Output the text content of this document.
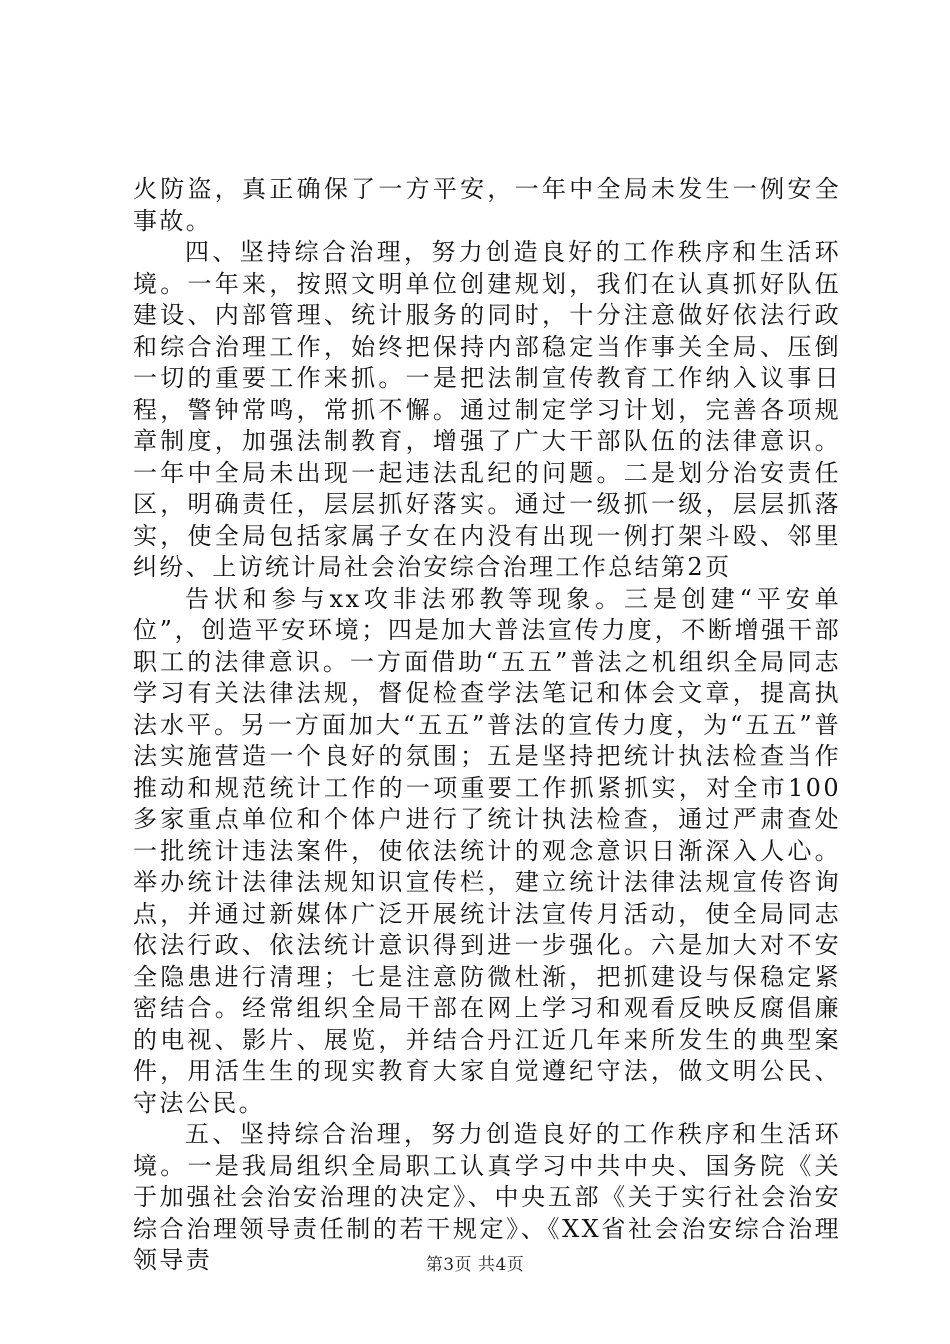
火防盗，真正确保了一方平安，一年中全局未发生一例安全事故。

四、坚持综合治理，努力创造良好的工作秩序和生活环境。一年来，按照文明单位创建规划，我们在认真抓好队伍建设、内部管理、统计服务的同时，十分注意做好依法行政和综合治理工作，始终把保持内部稳定当作事关全局、压倒一切的重要工作来抓。一是把法制宣传教育工作纳入议事日程，警钟常鸣，常抓不懈。通过制定学习计划，完善各项规章制度，加强法制教育，增强了广大干部队伍的法律意识。一年中全局未出现一起违法乱纪的问题。二是划分治安责任区，明确责任，层层抓好落实。通过一级抓一级，层层抓落实，使全局包括家属子女在内没有出现一例打架斗殴、邻里纠纷、上访统计局社会治安综合治理工作总结第2页

告状和参与xx攻非法邪教等现象。三是创建“平安单位”，创造平安环境；四是加大普法宣传力度，不断增强干部职工的法律意识。一方面借助“五五”普法之机组织全局同志学习有关法律法规，督促检查学法笔记和体会文章，提高执法水平。另一方面加大“五五”普法的宣传力度，为“五五”普法实施营造一个良好的氛围；五是坚持把统计执法检查当作推动和规范统计工作的一项重要工作抓紧抓实，对全市100多家重点单位和个体户进行了统计执法检查，通过严肃查处一批统计违法案件，使依法统计的观念意识日渐深入人心。举办统计法律法规知识宣传栏，建立统计法律法规宣传咨询点，并通过新媒体广泛开展统计法宣传月活动，使全局同志依法行政、依法统计意识得到进一步强化。六是加大对不安全隐患进行清理；七是注意防微杜渐，把抓建设与保稳定紧密结合。经常组织全局干部在网上学习和观看反映反腐倡廉的电视、影片、展览，并结合丹江近几年来所发生的典型案件，用活生生的现实教育大家自觉遵纪守法，做文明公民、守法公民。

五、坚持综合治理，努力创造良好的工作秩序和生活环境。一是我局组织全局职工认真学习中共中央、国务院《关于加强社会治安治理的决定》、中央五部《关于实行社会治安综合治理领导责任制的若干规定》、《XX省社会治安综合治理领导责	第3页 共4页
